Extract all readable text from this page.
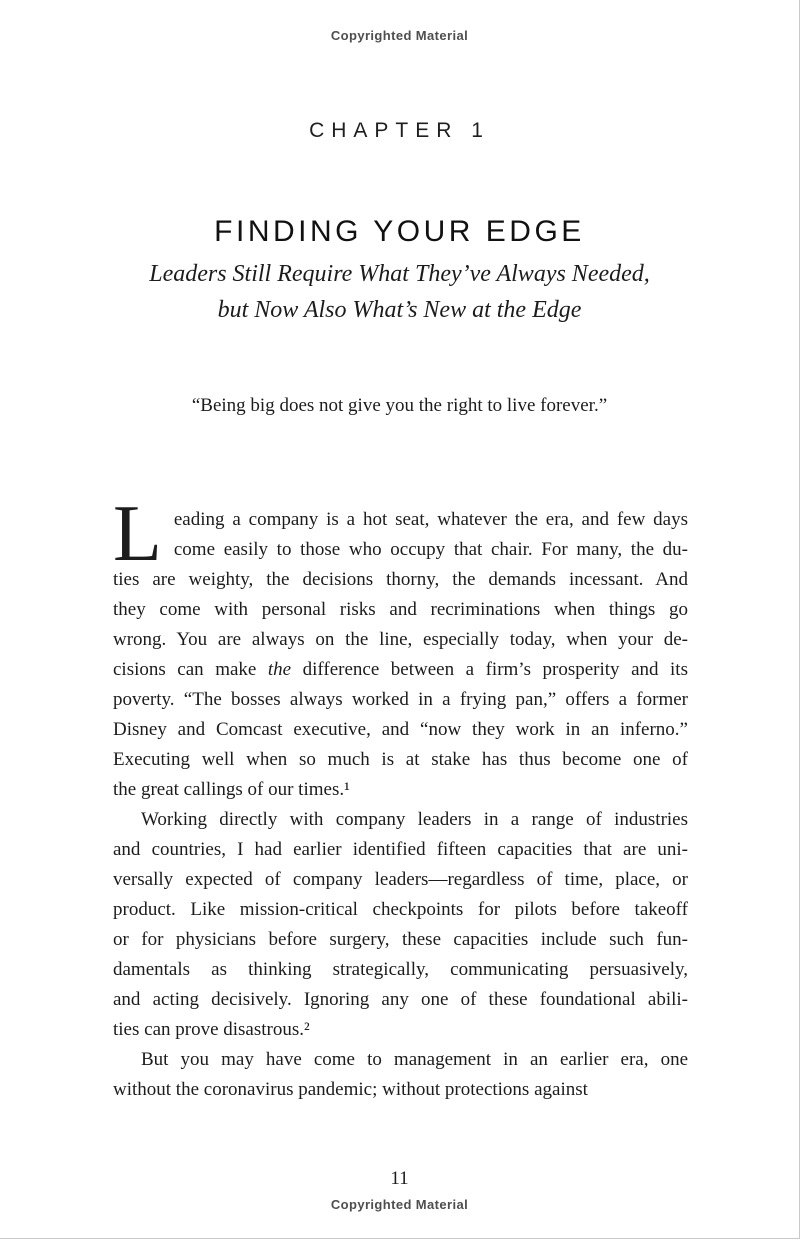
Copyrighted Material
CHAPTER 1
FINDING YOUR EDGE
Leaders Still Require What They’ve Always Needed,
but Now Also What’s New at the Edge
“Being big does not give you the right to live forever.”
L eading a company is a hot seat, whatever the era, and few days
come easily to those who occupy that chair. For many, the du-
ties are weighty, the decisions thorny, the demands incessant. And
they come with personal risks and recriminations when things go
wrong. You are always on the line, especially today, when your de-
cisions can make the difference between a firm’s prosperity and its
poverty. “The bosses always worked in a frying pan,” offers a former
Disney and Comcast executive, and “now they work in an inferno.”
Executing well when so much is at stake has thus become one of
the great callings of our times.¹
Working directly with company leaders in a range of industries
and countries, I had earlier identified fifteen capacities that are uni-
versally expected of company leaders—regardless of time, place, or
product. Like mission-critical checkpoints for pilots before takeoff
or for physicians before surgery, these capacities include such fun-
damentals as thinking strategically, communicating persuasively,
and acting decisively. Ignoring any one of these foundational abili-
ties can prove disastrous.²
But you may have come to management in an earlier era, one
without the coronavirus pandemic; without protections against
11
Copyrighted Material
